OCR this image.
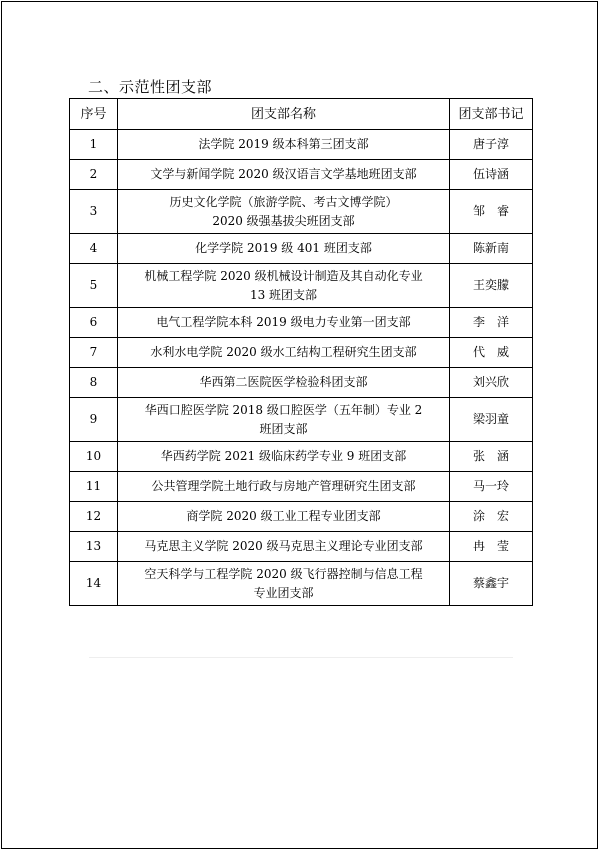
二、示范性团支部
序号	团支部名称	团支部书记
1	法学院 2019 级本科第三团支部	唐子淳
2	文学与新闻学院 2020 级汉语言文学基地班团支部	伍诗涵
3	历史文化学院（旅游学院、考古文博学院）
2020 级强基拔尖班团支部	邹　睿
4	化学学院 2019 级 401 班团支部	陈新南
5	机械工程学院 2020 级机械设计制造及其自动化专业
13 班团支部	王奕朦
6	电气工程学院本科 2019 级电力专业第一团支部	李　洋
7	水利水电学院 2020 级水工结构工程研究生团支部	代　威
8	华西第二医院医学检验科团支部	刘兴欣
9	华西口腔医学院 2018 级口腔医学（五年制）专业 2
班团支部	梁羽童
10	华西药学院 2021 级临床药学专业 9 班团支部	张　涵
11	公共管理学院土地行政与房地产管理研究生团支部	马一玲
12	商学院 2020 级工业工程专业团支部	涂　宏
13	马克思主义学院 2020 级马克思主义理论专业团支部	冉　莹
14	空天科学与工程学院 2020 级飞行器控制与信息工程
专业团支部	蔡鑫宇
